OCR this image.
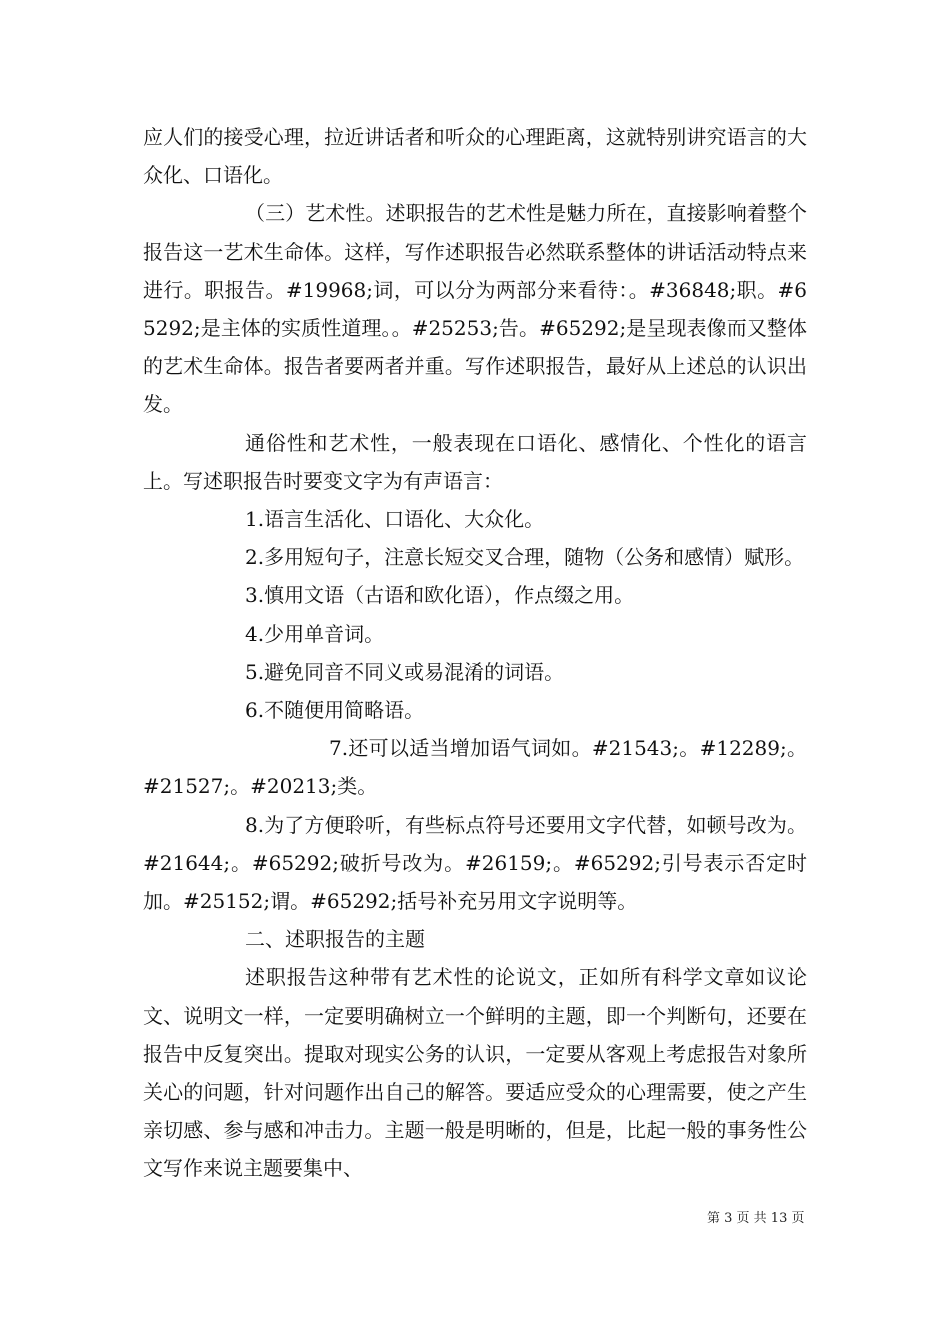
应人们的接受心理，拉近讲话者和听众的心理距离，这就特别讲究语言的大众化、口语化。

（三）艺术性。述职报告的艺术性是魅力所在，直接影响着整个报告这一艺术生命体。这样，写作述职报告必然联系整体的讲话活动特点来进行。职报告。#19968;词，可以分为两部分来看待：。#36848;职。#65292;是主体的实质性道理。。#25253;告。#65292;是呈现表像而又整体的艺术生命体。报告者要两者并重。写作述职报告，最好从上述总的认识出发。

通俗性和艺术性，一般表现在口语化、感情化、个性化的语言上。写述职报告时要变文字为有声语言：

1.语言生活化、口语化、大众化。

2.多用短句子，注意长短交叉合理，随物（公务和感情）赋形。

3.慎用文语（古语和欧化语），作点缀之用。

4.少用单音词。

5.避免同音不同义或易混淆的词语。

6.不随便用简略语。

7.还可以适当增加语气词如。#21543;。#12289;。#21527;。#20213;类。

8.为了方便聆听，有些标点符号还要用文字代替，如顿号改为。#21644;。#65292;破折号改为。#26159;。#65292;引号表示否定时加。#25152;谓。#65292;括号补充另用文字说明等。

二、述职报告的主题

述职报告这种带有艺术性的论说文，正如所有科学文章如议论文、说明文一样，一定要明确树立一个鲜明的主题，即一个判断句，还要在报告中反复突出。提取对现实公务的认识，一定要从客观上考虑报告对象所关心的问题，针对问题作出自己的解答。要适应受众的心理需要，使之产生亲切感、参与感和冲击力。主题一般是明晰的，但是，比起一般的事务性公文写作来说主题要集中、

第 3 页 共 13 页
